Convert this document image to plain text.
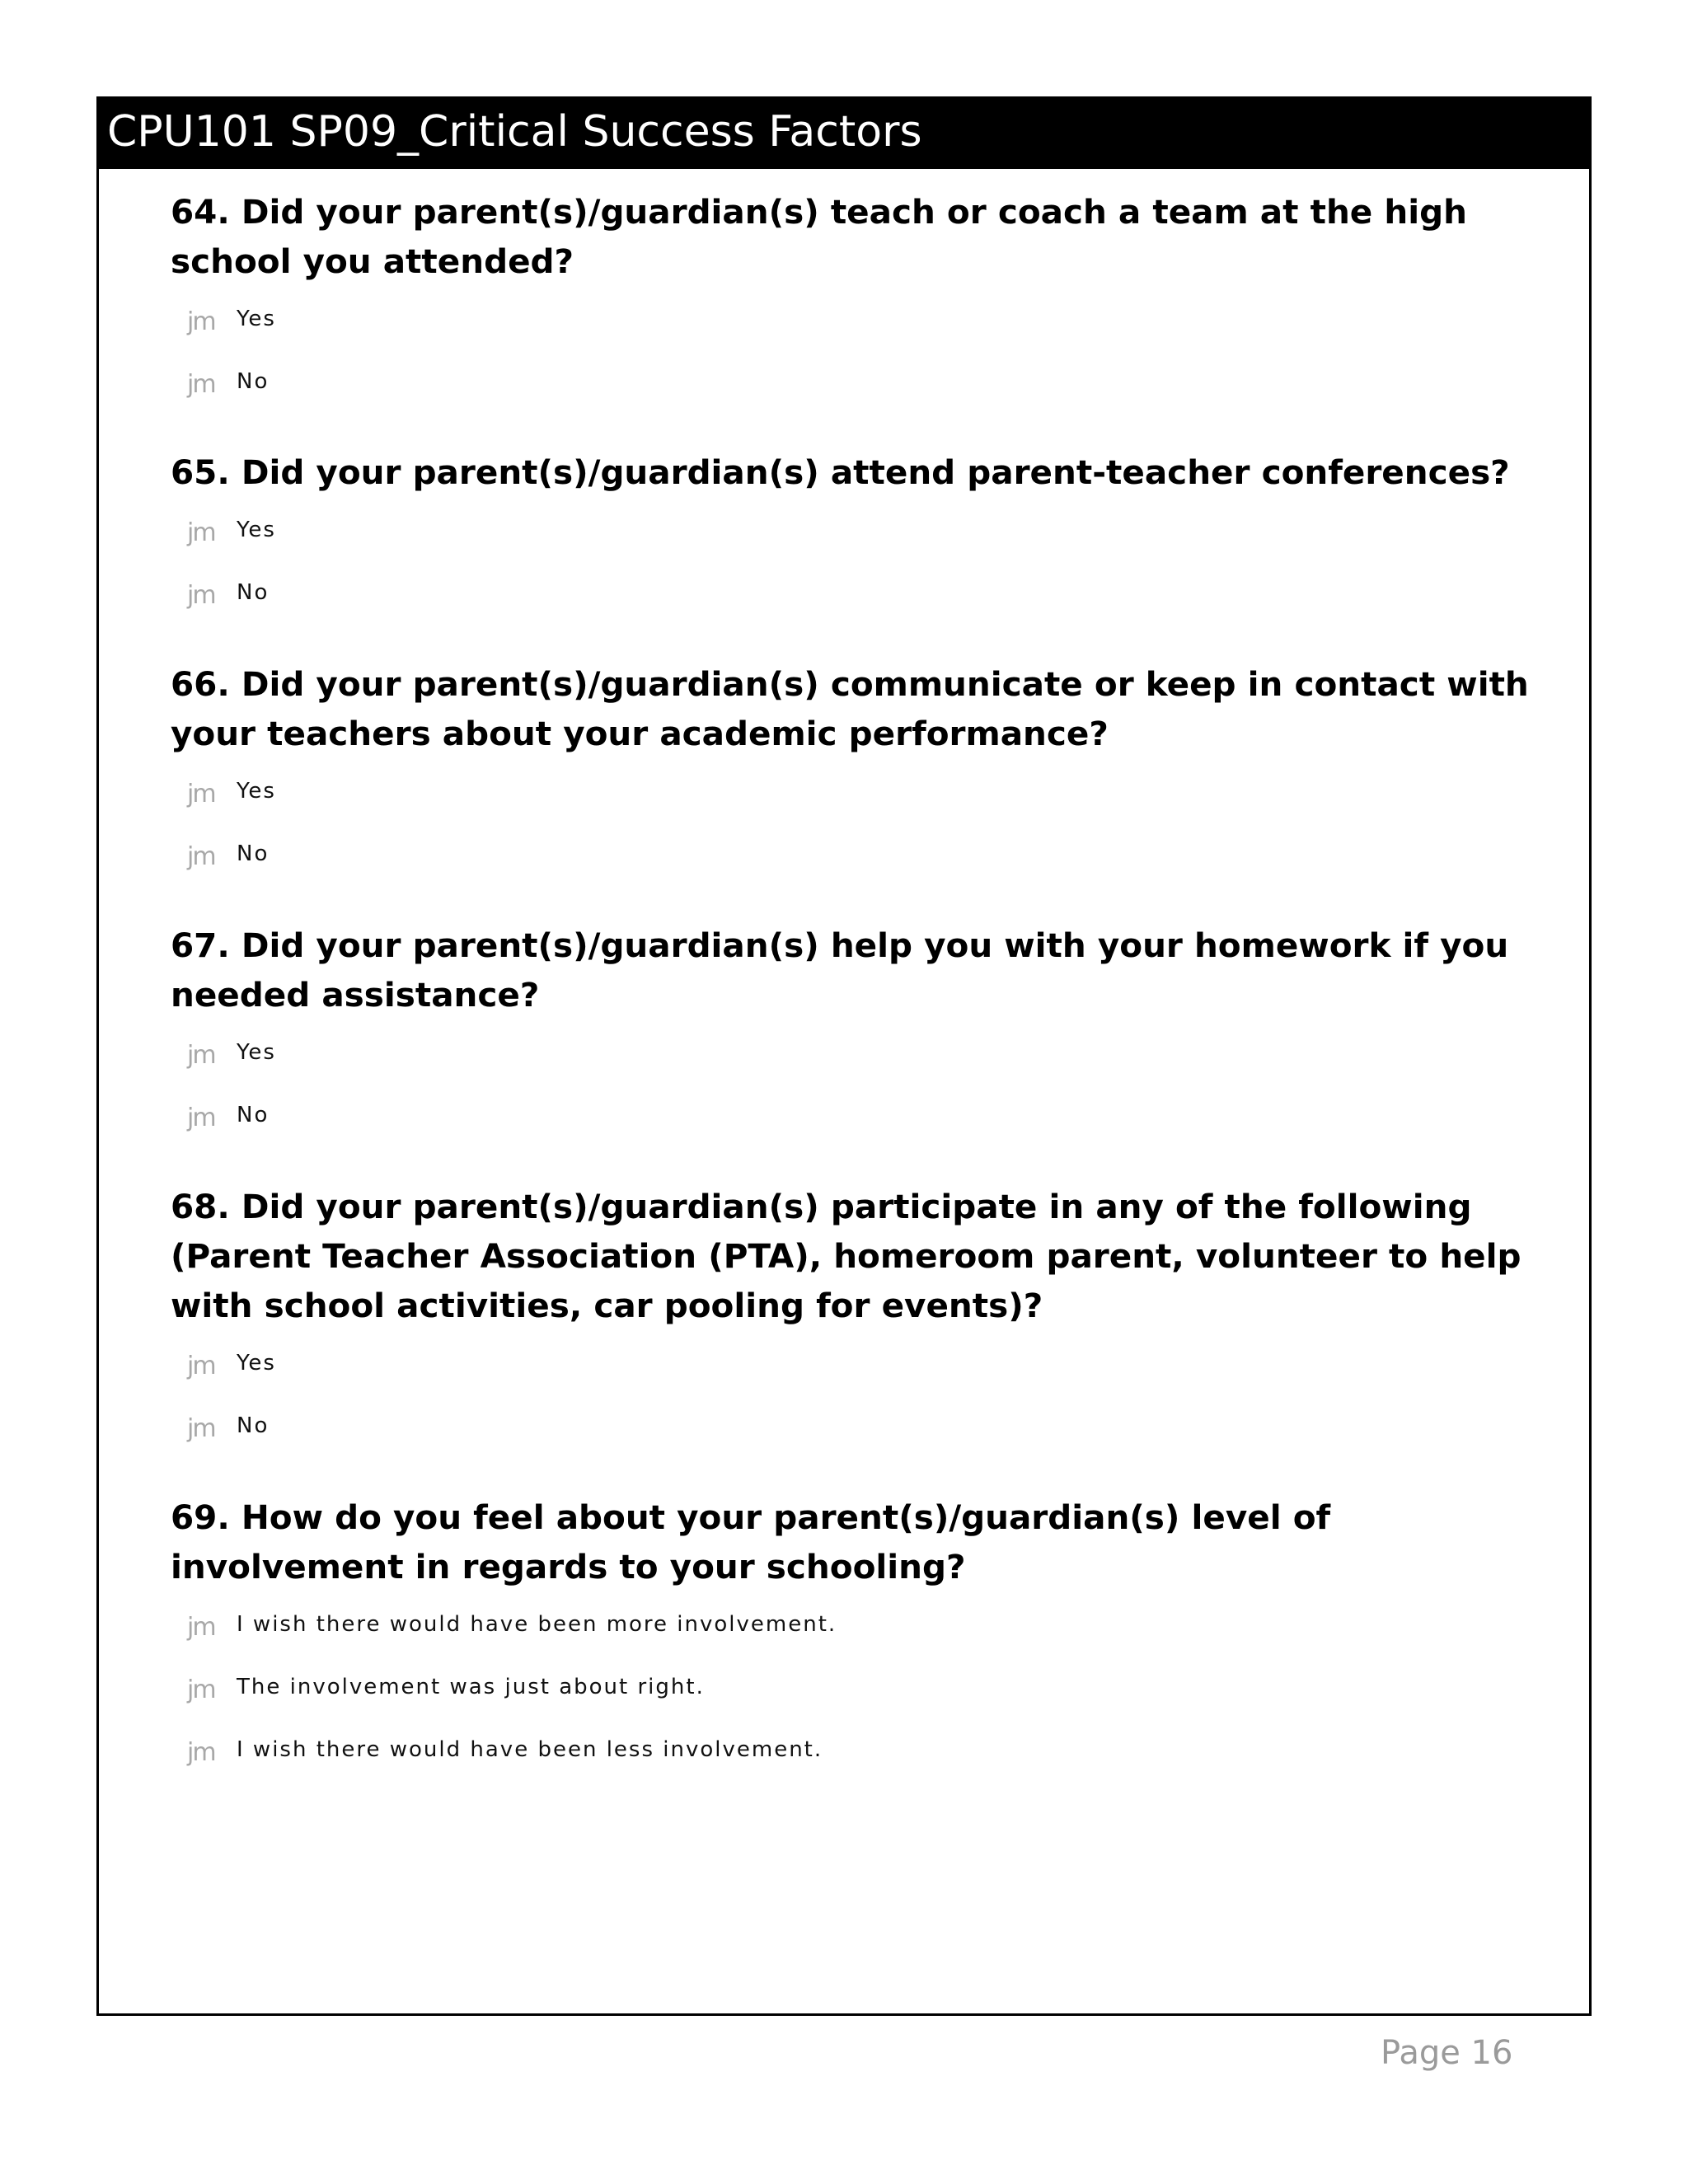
CPU101 SP09_Critical Success Factors

64. Did your parent(s)/guardian(s) teach or coach a team at the high school you attended?

jm	Yes
jm	No

65. Did your parent(s)/guardian(s) attend parent-teacher conferences?

jm	Yes
jm	No

66. Did your parent(s)/guardian(s) communicate or keep in contact with your teachers about your academic performance?

jm	Yes
jm	No

67. Did your parent(s)/guardian(s) help you with your homework if you needed assistance?

jm	Yes
jm	No

68. Did your parent(s)/guardian(s) participate in any of the following (Parent Teacher Association (PTA), homeroom parent, volunteer to help with school activities, car pooling for events)?

jm	Yes
jm	No

69. How do you feel about your parent(s)/guardian(s) level of involvement in regards to your schooling?

jm	I wish there would have been more involvement.
jm	The involvement was just about right.
jm	I wish there would have been less involvement.
Page 16
